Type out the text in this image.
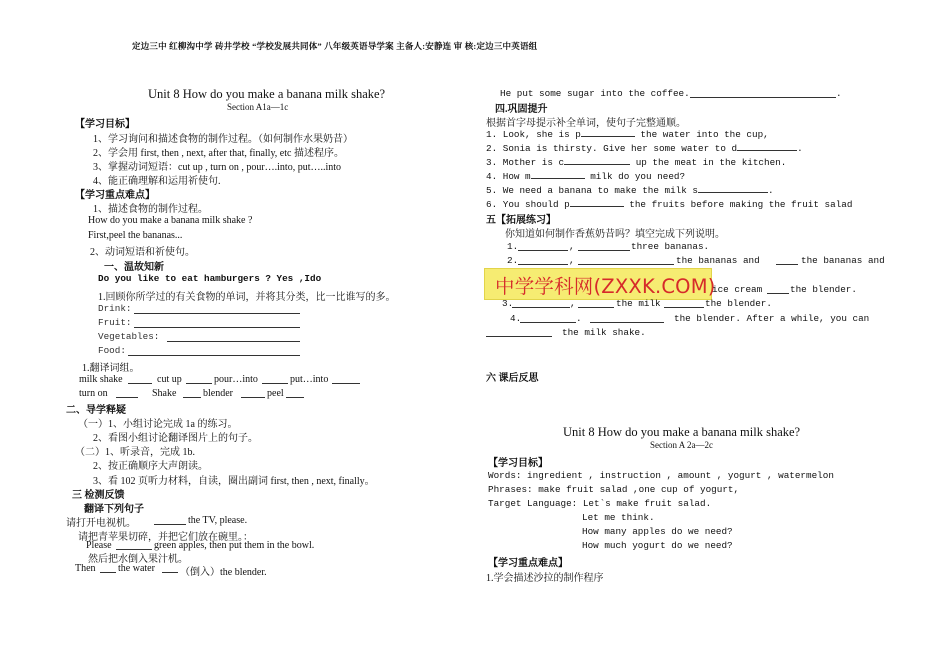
定边三中 红柳沟中学 砖井学校 “学校发展共同体” 八年级英语导学案 主备人:安静连 审 核:定边三中英语组
Unit 8 How do you make a banana milk shake?
Section A1a—1c
【学习目标】
1、学习询问和描述食物的制作过程。（如何制作水果奶昔）
2、学会用 first, then , next, after that, finally, etc 描述程序。
3、掌握动词短语：cut up , turn on , pour….into, put…..into
4、能正确理解和运用祈使句.
【学习重点难点】
1、描述食物的制作过程。
How do you make a banana milk shake ?
First,peel the bananas...
2、动词短语和祈使句。
一、温故知新
Do you like to eat hamburgers ? Yes ,Ido
1.回顾你所学过的有关食物的单词，并将其分类，比一比谁写的多。
Drink:
Fruit:
Vegetables:
Food:
1.翻译词组。
milk shake	cut up	pour…into	put…into
turn on	Shake	blender	peel
二、导学释疑
（一）1、小组讨论完成 1a 的练习。
2、看图小组讨论翻译图片上的句子。
（二）1、听录音，完成 1b.
2、按正确顺序大声朗读。
3、看 102 页听力材料，自读，圈出副词 first, then , next, finally。
三 检测反馈
翻译下列句子
请打开电视机。	the TV, please.
请把青苹果切碎，并把它们放在碗里。：
Please	green apples, then put them in the bowl.
然后把水倒入果汁机。
Then the water	（倒入）the blender.
He put some sugar into the coffee.	.
四.巩固提升
根据首字母提示补全单词，使句子完整通顺。
1. Look, she is p	the water into the cup,
2. Sonia is thirsty. Give her some water to d	.
3. Mother is c	up the meat in the kitchen.
4. How m	milk do you need?
5. We need a banana to make the milk s	.
6. You should p	the fruits before making the fruit salad
五【拓展练习】
你知道如何制作香蕉奶昔吗？填空完成下列说明。
1.	,	three bananas.
2.	,	the bananas and	the bananas and
中学学科网(ZXXK.COM)
ice cream	the blender.
3.	,	the milk	the blender.
4.	.	the blender. After a while, you can
the milk shake.
六 课后反思
Unit 8 How do you make a banana milk shake?
Section A 2a—2c
【学习目标】
Words: ingredient , instruction , amount , yogurt , watermelon
Phrases: make fruit salad ,one cup of yogurt,
Target Language: Let`s make fruit salad.
Let me think.
How many apples do we need?
How much yogurt do we need?
【学习重点难点】
1.学会描述沙拉的制作程序
